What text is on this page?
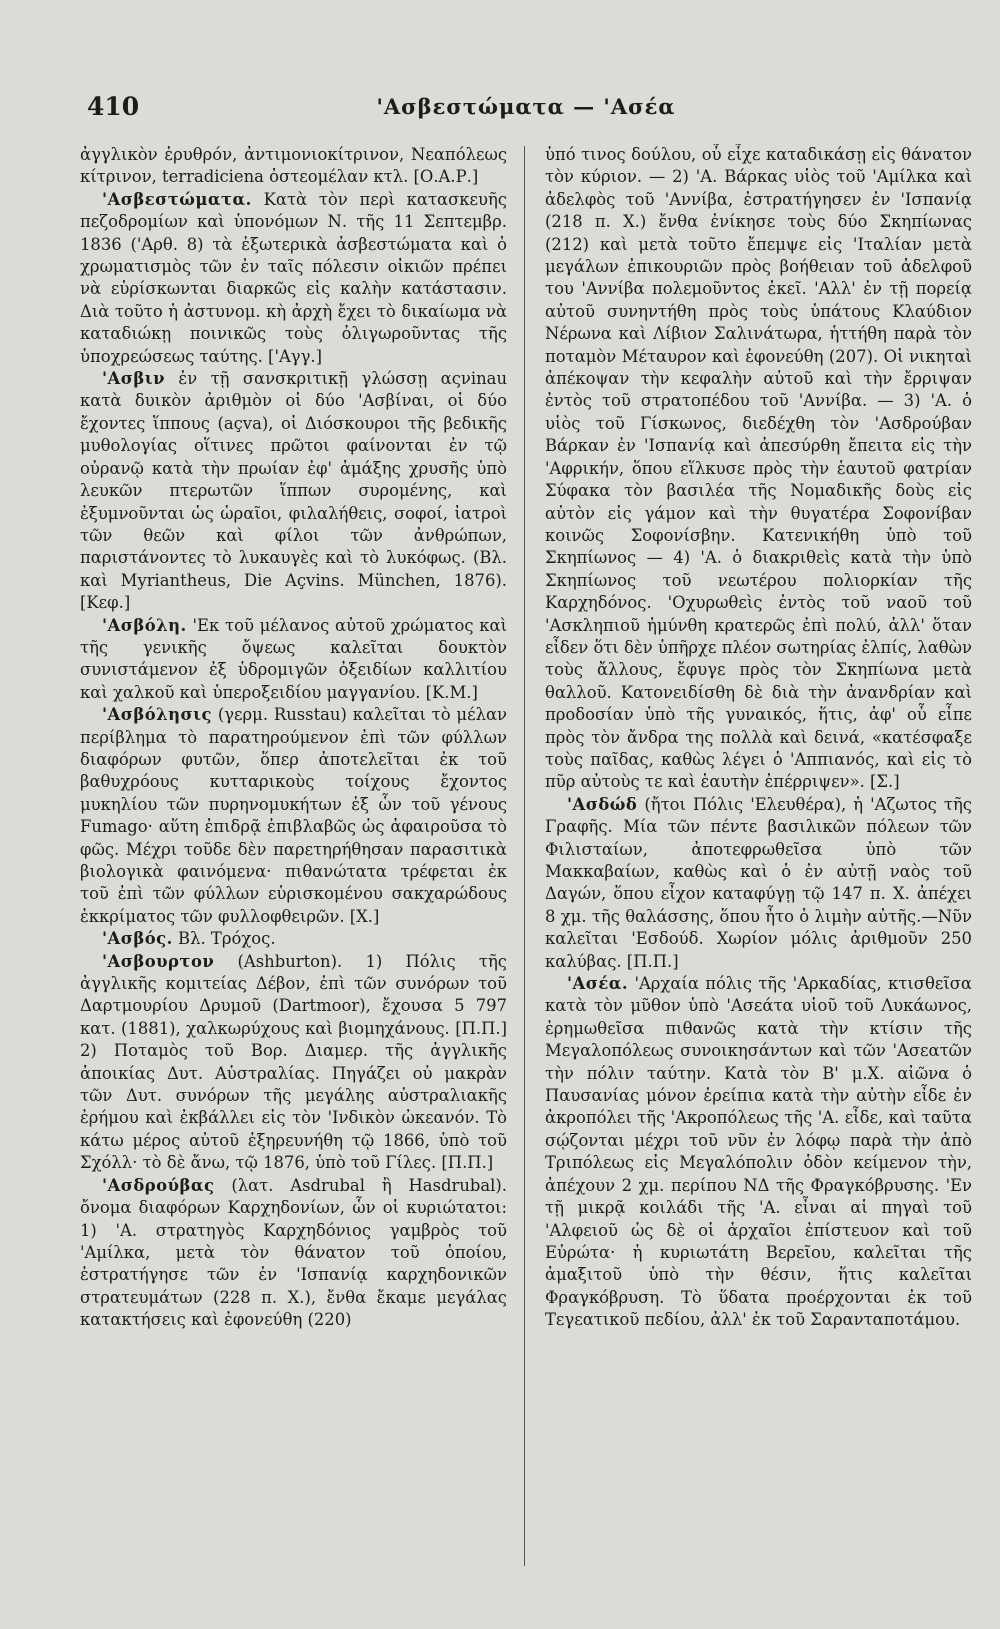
410	'Ασβεστώματα — 'Ασέα

ἀγγλικὸν ἐρυθρόν, ἀντιμονιοκίτρινον, Νεαπόλεως κίτρινον, terradiciena ὀστεομέλαν κτλ. [Ο.Α.Ρ.]

'Ασβεστώματα. Κατὰ τὸν περὶ κατασκευῆς πεζοδρομίων καὶ ὑπονόμων Ν. τῆς 11 Σεπτεμβρ. 1836 ('Αρθ. 8) τὰ ἐξωτερικὰ ἀσβεστώματα καὶ ὁ χρωματισμὸς τῶν ἐν ταῖς πόλεσιν οἰκιῶν πρέπει νὰ εὑρίσκωνται διαρκῶς εἰς καλὴν κατάστασιν. Διὰ τοῦτο ἡ ἀστυνομ. κὴ ἀρχὴ ἔχει τὸ δικαίωμα νὰ καταδιώκῃ ποινικῶς τοὺς ὀλιγωροῦντας τῆς ὑποχρεώσεως ταύτης. ['Αγγ.]

'Ασβιν ἐν τῇ σανσκριτικῇ γλώσσῃ αςνinau κατὰ δυικὸν ἀριθμὸν οἱ δύο 'Ασβίναι, οἱ δύο ἔχοντες ἵππους (açva), οἱ Διόσκουροι τῆς βεδικῆς μυθολογίας οἵτινες πρῶτοι φαίνονται ἐν τῷ οὐρανῷ κατὰ τὴν πρωίαν ἐφ' ἀμάξης χρυσῆς ὑπὸ λευκῶν πτερωτῶν ἵππων συρομένης, καὶ ἐξυμνοῦνται ὡς ὡραῖοι, φιλαλήθεις, σοφοί, ἰατροὶ τῶν θεῶν καὶ φίλοι τῶν ἀνθρώπων, παριστάνοντες τὸ λυκαυγὲς καὶ τὸ λυκόφως. (Βλ. καὶ Myriantheus, Die Açvins. München, 1876). [Κεφ.]

'Ασβόλη. 'Εκ τοῦ μέλανος αὐτοῦ χρώματος καὶ τῆς γενικῆς ὄψεως καλεῖται δουκτὸν συνιστάμενον ἐξ ὑδρομιγῶν ὀξειδίων καλλιτίου καὶ χαλκοῦ καὶ ὑπεροξειδίου μαγγανίου. [Κ.Μ.]

'Ασβόλησις (γερμ. Russtau) καλεῖται τὸ μέλαν περίβλημα τὸ παρατηρούμενον ἐπὶ τῶν φύλλων διαφόρων φυτῶν, ὅπερ ἀποτελεῖται ἐκ τοῦ βαθυχρόους κυτταρικοὺς τοίχους ἔχοντος μυκηλίου τῶν πυρηνομυκήτων ἐξ ὧν τοῦ γένους Fumago· αὕτη ἐπιδρᾷ ἐπιβλαβῶς ὡς ἀφαιροῦσα τὸ φῶς. Μέχρι τοῦδε δὲν παρετηρήθησαν παρασιτικὰ βιολογικὰ φαινόμενα· πιθανώτατα τρέφεται ἐκ τοῦ ἐπὶ τῶν φύλλων εὑρισκομένου σακχαρώδους ἐκκρίματος τῶν φυλλοφθειρῶν. [Χ.]

'Ασβός. Βλ. Τρόχος.

'Ασβουρτον (Ashburton). 1) Πόλις τῆς ἀγγλικῆς κομιτείας Δέβον, ἐπὶ τῶν συνόρων τοῦ Δαρτμουρίου Δρυμοῦ (Dartmoor), ἔχουσα 5 797 κατ. (1881), χαλκωρύχους καὶ βιομηχάνους. [Π.Π.] 2) Ποταμὸς τοῦ Βορ. Διαμερ. τῆς ἀγγλικῆς ἀποικίας Δυτ. Αὐστραλίας. Πηγάζει οὐ μακρὰν τῶν Δυτ. συνόρων τῆς μεγάλης αὐστραλιακῆς ἐρήμου καὶ ἐκβάλλει εἰς τὸν 'Ινδικὸν ὠκεανόν. Τὸ κάτω μέρος αὐτοῦ ἐξηρευνήθη τῷ 1866, ὑπὸ τοῦ Σχόλλ· τὸ δὲ ἄνω, τῷ 1876, ὑπὸ τοῦ Γίλες. [Π.Π.]

'Ασδρούβας (λατ. Asdrubal ἢ Hasdrubal). ὄνομα διαφόρων Καρχηδονίων, ὧν οἱ κυριώτατοι: 1) 'Α. στρατηγὸς Καρχηδόνιος γαμβρὸς τοῦ 'Αμίλκα, μετὰ τὸν θάνατον τοῦ ὁποίου, ἐστρατήγησε τῶν ἐν 'Ισπανίᾳ καρχηδονικῶν στρατευμάτων (228 π. Χ.), ἔνθα ἔκαμε μεγάλας κατακτήσεις καὶ ἐφονεύθη (220)

ὑπό τινος δούλου, οὗ εἶχε καταδικάσῃ εἰς θάνατον τὸν κύριον. — 2) 'Α. Βάρκας υἱὸς τοῦ 'Αμίλκα καὶ ἀδελφὸς τοῦ 'Αννίβα, ἐστρατήγησεν ἐν 'Ισπανίᾳ (218 π. Χ.) ἔνθα ἐνίκησε τοὺς δύο Σκηπίωνας (212) καὶ μετὰ τοῦτο ἔπεμψε εἰς 'Ιταλίαν μετὰ μεγάλων ἐπικουριῶν πρὸς βοήθειαν τοῦ ἀδελφοῦ του 'Αννίβα πολεμοῦντος ἐκεῖ. 'Αλλ' ἐν τῇ πορείᾳ αὐτοῦ συνηντήθη πρὸς τοὺς ὑπάτους Κλαύδιον Νέρωνα καὶ Λίβιον Σαλινάτωρα, ἡττήθη παρὰ τὸν ποταμὸν Μέταυρον καὶ ἐφονεύθη (207). Οἱ νικηταὶ ἀπέκοψαν τὴν κεφαλὴν αὐτοῦ καὶ τὴν ἔρριψαν ἐντὸς τοῦ στρατοπέδου τοῦ 'Αννίβα. — 3) 'Α. ὁ υἱὸς τοῦ Γίσκωνος, διεδέχθη τὸν 'Ασδρούβαν Βάρκαν ἐν 'Ισπανίᾳ καὶ ἀπεσύρθη ἔπειτα εἰς τὴν 'Αφρικήν, ὅπου εἵλκυσε πρὸς τὴν ἑαυτοῦ φατρίαν Σύφακα τὸν βασιλέα τῆς Νομαδικῆς δοὺς εἰς αὐτὸν εἰς γάμον καὶ τὴν θυγατέρα Σοφονίβαν κοινῶς Σοφονίσβην. Κατενικήθη ὑπὸ τοῦ Σκηπίωνος — 4) 'Α. ὁ διακριθεὶς κατὰ τὴν ὑπὸ Σκηπίωνος τοῦ νεωτέρου πολιορκίαν τῆς Καρχηδόνος. 'Οχυρωθεὶς ἐντὸς τοῦ ναοῦ τοῦ 'Ασκληπιοῦ ἠμύνθη κρατερῶς ἐπὶ πολύ, ἀλλ' ὅταν εἶδεν ὅτι δὲν ὑπῆρχε πλέον σωτηρίας ἐλπίς, λαθὼν τοὺς ἄλλους, ἔφυγε πρὸς τὸν Σκηπίωνα μετὰ θαλλοῦ. Κατονειδίσθη δὲ διὰ τὴν ἀνανδρίαν καὶ προδοσίαν ὑπὸ τῆς γυναικός, ἥτις, ἀφ' οὗ εἶπε πρὸς τὸν ἄνδρα της πολλὰ καὶ δεινά, «κατέσφαξε τοὺς παῖδας, καθὼς λέγει ὁ 'Αππιανός, καὶ εἰς τὸ πῦρ αὐτοὺς τε καὶ ἑαυτὴν ἐπέρριψεν». [Σ.]

'Ασδώδ (ἤτοι Πόλις 'Ελευθέρα), ἡ 'Αζωτος τῆς Γραφῆς. Μία τῶν πέντε βασιλικῶν πόλεων τῶν Φιλισταίων, ἀποτεφρωθεῖσα ὑπὸ τῶν Μακκαβαίων, καθὼς καὶ ὁ ἐν αὐτῇ ναὸς τοῦ Δαγών, ὅπου εἶχον καταφύγῃ τῷ 147 π. Χ. ἀπέχει 8 χμ. τῆς θαλάσσης, ὅπου ἦτο ὁ λιμὴν αὐτῆς.—Νῦν καλεῖται 'Εσδούδ. Χωρίον μόλις ἀριθμοῦν 250 καλύβας. [Π.Π.]

'Ασέα. 'Αρχαία πόλις τῆς 'Αρκαδίας, κτισθεῖσα κατὰ τὸν μῦθον ὑπὸ 'Ασεάτα υἱοῦ τοῦ Λυκάωνος, ἐρημωθεῖσα πιθανῶς κατὰ τὴν κτίσιν τῆς Μεγαλοπόλεως συνοικησάντων καὶ τῶν 'Ασεατῶν τὴν πόλιν ταύτην. Κατὰ τὸν Β' μ.Χ. αἰῶνα ὁ Παυσανίας μόνον ἐρείπια κατὰ τὴν αὐτὴν εἶδε ἐν ἀκροπόλει τῆς 'Ακροπόλεως τῆς 'Α. εἶδε, καὶ ταῦτα σῴζονται μέχρι τοῦ νῦν ἐν λόφῳ παρὰ τὴν ἀπὸ Τριπόλεως εἰς Μεγαλόπολιν ὁδὸν κείμενον τὴν, ἀπέχουν 2 χμ. περίπου ΝΔ τῆς Φραγκόβρυσης. 'Εν τῇ μικρᾷ κοιλάδι τῆς 'Α. εἶναι αἱ πηγαὶ τοῦ 'Αλφειοῦ ὡς δὲ οἱ ἀρχαῖοι ἐπίστευον καὶ τοῦ Εὐρώτα· ἡ κυριωτάτη Βερεῖου, καλεῖται τῆς ἀμαξιτοῦ ὑπὸ τὴν θέσιν, ἥτις καλεῖται Φραγκόβρυση. Τὸ ὕδατα προέρχονται ἐκ τοῦ Τεγεατικοῦ πεδίου, ἀλλ' ἐκ τοῦ Σαρανταποτάμου.
